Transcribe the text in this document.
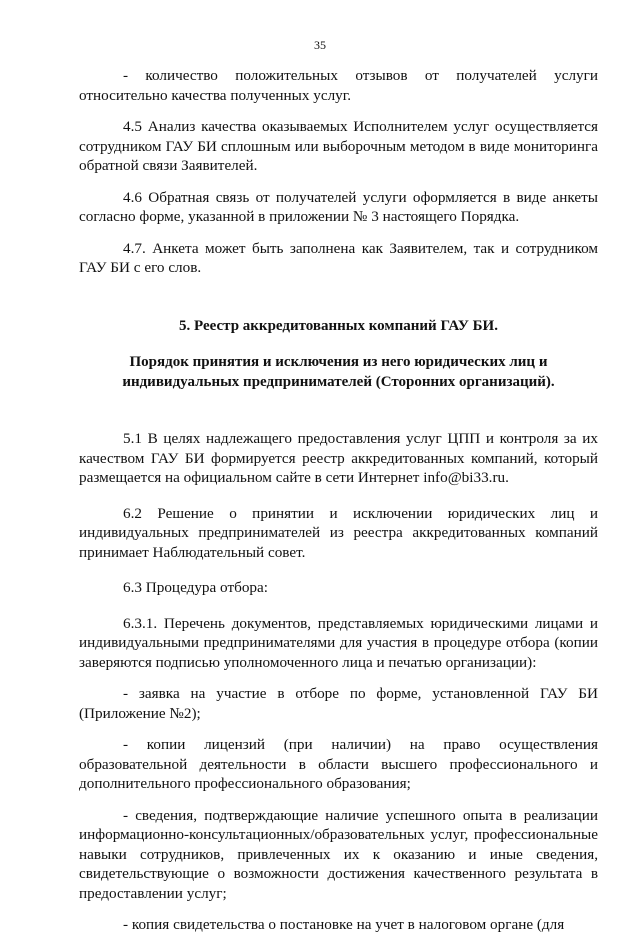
35

- количество положительных отзывов от получателей услуги относительно качества полученных услуг.

4.5 Анализ качества оказываемых Исполнителем услуг осуществляется сотрудником ГАУ БИ сплошным или выборочным методом в виде мониторинга обратной связи Заявителей.

4.6 Обратная связь от получателей услуги оформляется в виде анкеты согласно форме, указанной в приложении № 3 настоящего Порядка.

4.7. Анкета может быть заполнена как Заявителем, так и сотрудником ГАУ БИ с его слов.

5. Реестр аккредитованных компаний ГАУ БИ.

Порядок принятия и исключения из него юридических лиц и индивидуальных предпринимателей (Сторонних организаций).

5.1 В целях надлежащего предоставления услуг ЦПП и контроля за их качеством ГАУ БИ формируется реестр аккредитованных компаний, который размещается на официальном сайте в сети Интернет info@bi33.ru.

6.2 Решение о принятии и исключении юридических лиц и индивидуальных предпринимателей из реестра аккредитованных компаний принимает Наблюдательный совет.

6.3 Процедура отбора:

6.3.1. Перечень документов, представляемых юридическими лицами и индивидуальными предпринимателями для участия в процедуре отбора (копии заверяются подписью уполномоченного лица и печатью организации):

- заявка на участие в отборе по форме, установленной ГАУ БИ (Приложение №2);

- копии лицензий (при наличии) на право осуществления образовательной деятельности в области высшего профессионального и дополнительного профессионального образования;

- сведения, подтверждающие наличие успешного опыта в реализации информационно-консультационных/образовательных услуг, профессиональные навыки сотрудников, привлеченных их к оказанию и иные сведения, свидетельствующие о возможности достижения качественного результата в предоставлении услуг;

- копия свидетельства о постановке на учет в налоговом органе (для
